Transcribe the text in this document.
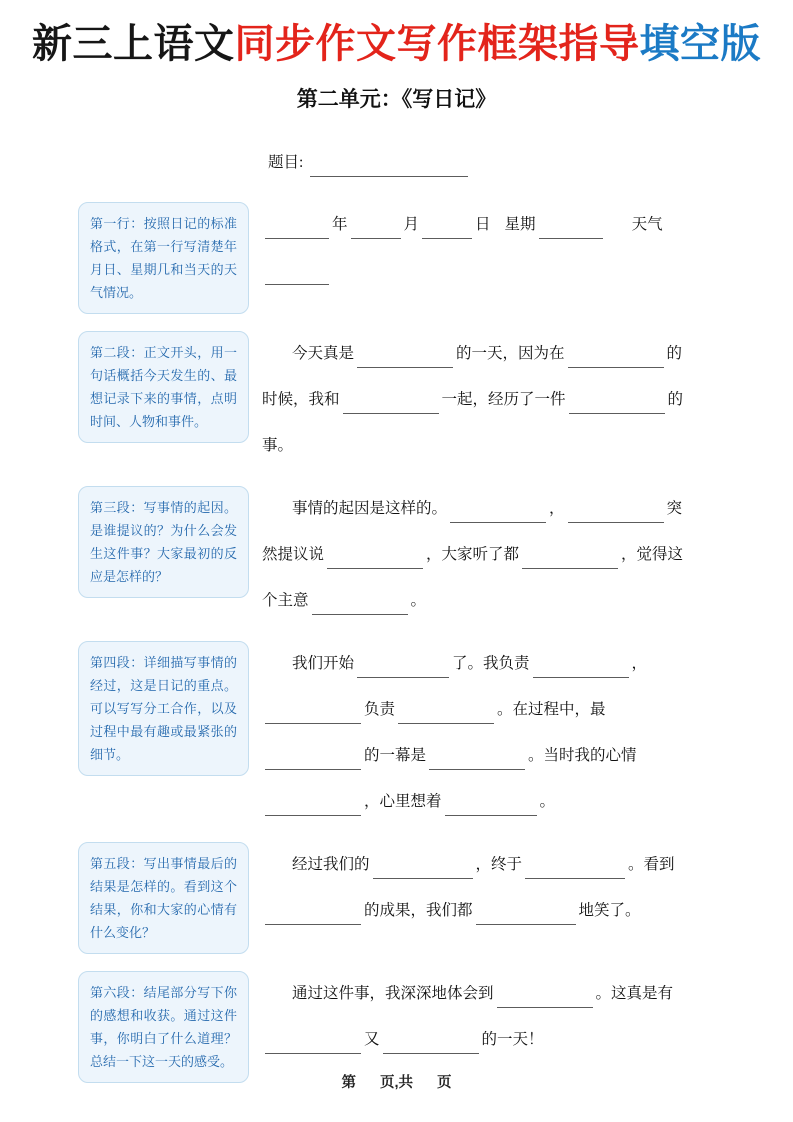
新三上语文同步作文写作框架指导填空版
第二单元：《写日记》
题目:
第一行：按照日记的标准格式，在第一行写清楚年月日、星期几和当天的天气情况。
年	月	日 星期	天气
第二段：正文开头，用一句话概括今天发生的、最想记录下来的事情，点明时间、人物和事件。
今天真是	的一天，因为在	的
时候，我和	一起，经历了一件	的
事。
第三段：写事情的起因。是谁提议的？为什么会发生这件事？大家最初的反应是怎样的？
事情的起因是这样的。	，	突
然提议说	，大家听了都	，觉得这
个主意	。
第四段：详细描写事情的经过，这是日记的重点。可以写写分工合作，以及过程中最有趣或最紧张的细节。
我们开始	了。我负责	，
负责	。在过程中，最
的一幕是	。当时我的心情
，心里想着	。
第五段：写出事情最后的结果是怎样的。看到这个结果，你和大家的心情有什么变化？
经过我们的	，终于	。看到
的成果，我们都	地笑了。
第六段：结尾部分写下你的感想和收获。通过这件事，你明白了什么道理？总结一下这一天的感受。
通过这件事，我深深地体会到	。这真是有
又	的一天！
第 页,共 页
